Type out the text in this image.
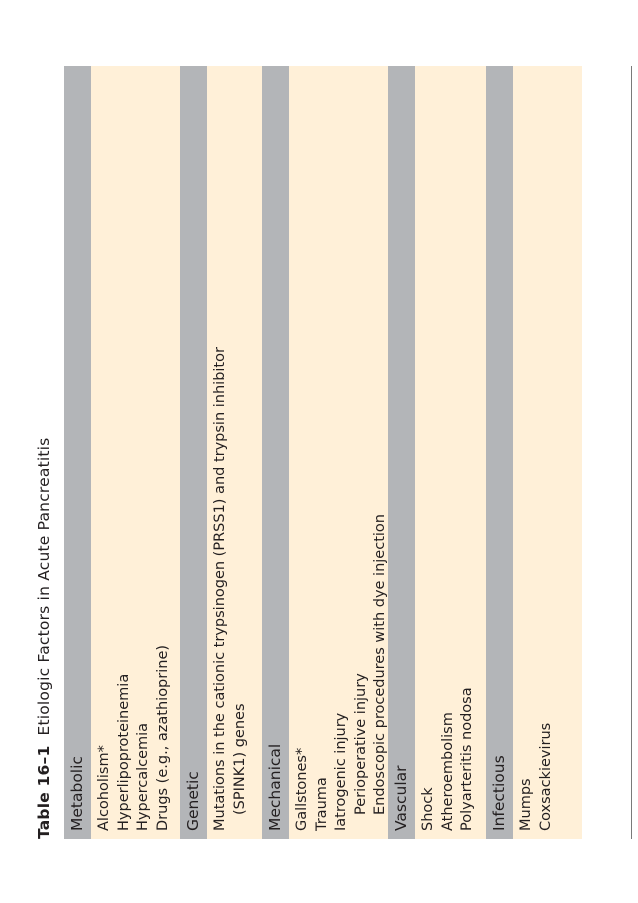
Table 16–1Etiologic Factors in Acute Pancreatitis
Metabolic Alcoholism* Hyperlipoproteinemia Hypercalcemia Drugs (e.g., azathioprine) Genetic Mutations in the cationic trypsinogen (PRSS1) and trypsin inhibitor (SPINK1) genes Mechanical Gallstones* Trauma Iatrogenic injury Perioperative injury Endoscopic procedures with dye injection Vascular Shock Atheroembolism Polyarteritis nodosa Infectious Mumps Coxsackievirus
